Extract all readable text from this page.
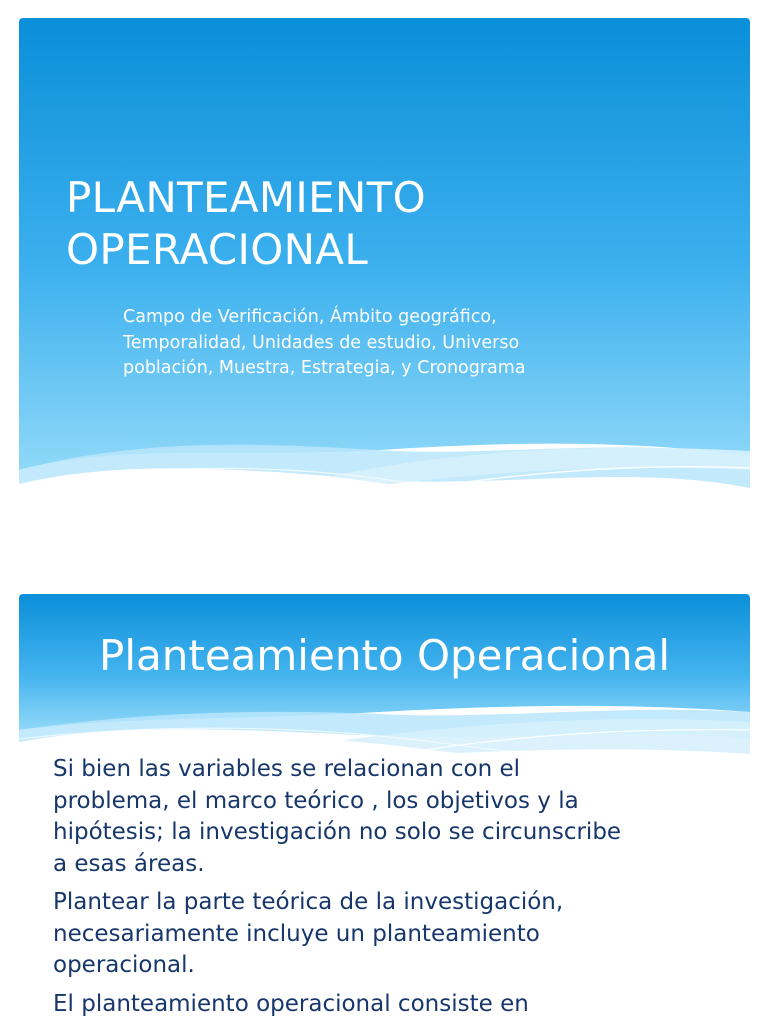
PLANTEAMIENTO
OPERACIONAL

Campo de Verificación, Ámbito geográfico,
Temporalidad, Unidades de estudio, Universo
población, Muestra, Estrategia, y Cronograma

Planteamiento Operacional
Si bien las variables se relacionan con el
problema, el marco teórico , los objetivos y la
hipótesis; la investigación no solo se circunscribe
a esas áreas.
Plantear la parte teórica de la investigación,
necesariamente incluye un planteamiento
operacional.
El planteamiento operacional consiste en
